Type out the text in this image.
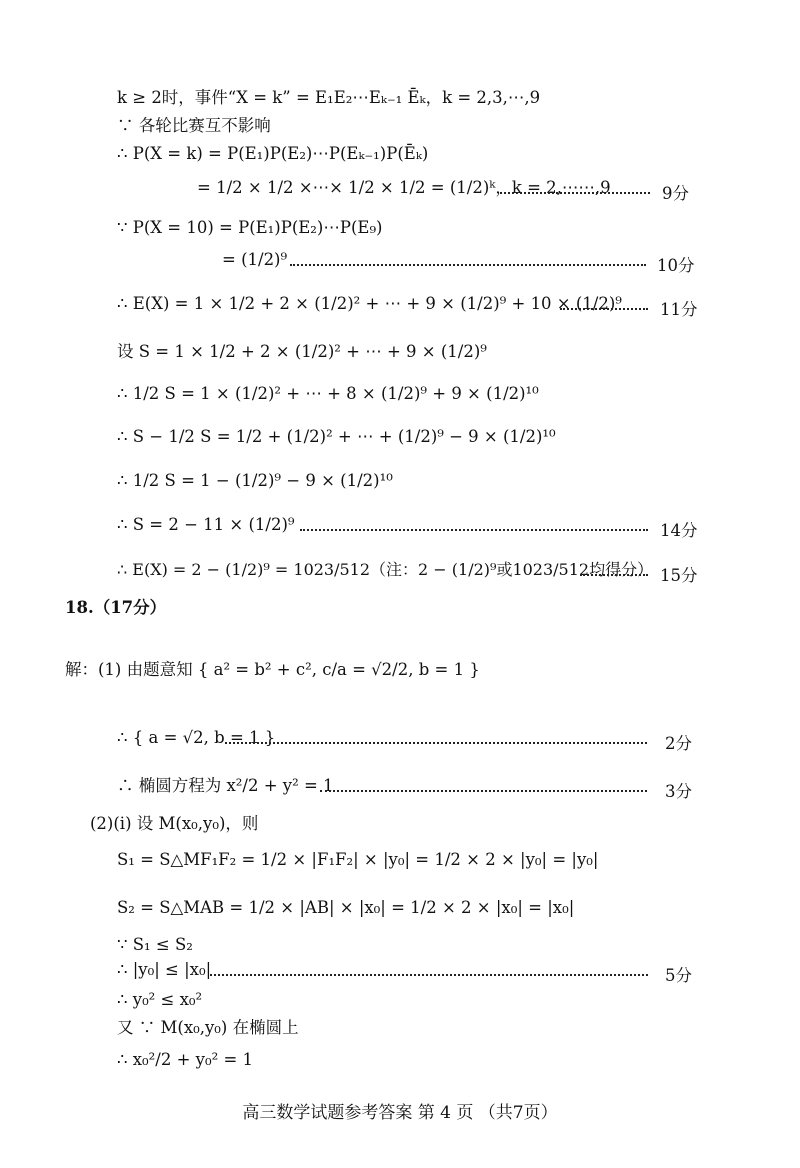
k ≥ 2时，事件“X = k” = E₁E₂⋯Eₖ₋₁ Ēₖ，k = 2,3,⋯,9
∵ 各轮比赛互不影响
∴ P(X = k) = P(E₁)P(E₂)⋯P(Eₖ₋₁)P(Ēₖ)
= 1/2 × 1/2 ×⋯× 1/2 × 1/2 = (1/2)ᵏ，k = 2,⋯⋯,9	9分
∵ P(X = 10) = P(E₁)P(E₂)⋯P(E₉)
= (1/2)⁹	10分
∴ E(X) = 1 × 1/2 + 2 × (1/2)² + ⋯ + 9 × (1/2)⁹ + 10 × (1/2)⁹ 11分
设 S = 1 × 1/2 + 2 × (1/2)² + ⋯ + 9 × (1/2)⁹
∴ 1/2 S = 1 × (1/2)² + ⋯ + 8 × (1/2)⁹ + 9 × (1/2)¹⁰
∴ S − 1/2 S = 1/2 + (1/2)² + ⋯ + (1/2)⁹ − 9 × (1/2)¹⁰
∴ 1/2 S = 1 − (1/2)⁹ − 9 × (1/2)¹⁰
∴ S = 2 − 11 × (1/2)⁹	14分
∴ E(X) = 2 − (1/2)⁹ = 1023/512（注：2 − (1/2)⁹或1023/512均得分） 15分
18.（17分）
解：(1) 由题意知 { a² = b² + c², c/a = √2/2, b = 1 }
∴ { a = √2, b = 1 }	2分
∴ 椭圆方程为 x²/2 + y² = 1	3分
(2)(i) 设 M(x₀,y₀)，则
S₁ = S△MF₁F₂ = 1/2 × |F₁F₂| × |y₀| = 1/2 × 2 × |y₀| = |y₀|
S₂ = S△MAB = 1/2 × |AB| × |x₀| = 1/2 × 2 × |x₀| = |x₀|
∵ S₁ ≤ S₂
∴ |y₀| ≤ |x₀|	5分
∴ y₀² ≤ x₀²
又 ∵ M(x₀,y₀) 在椭圆上
∴ x₀²/2 + y₀² = 1
高三数学试题参考答案 第 4 页 （共7页）
